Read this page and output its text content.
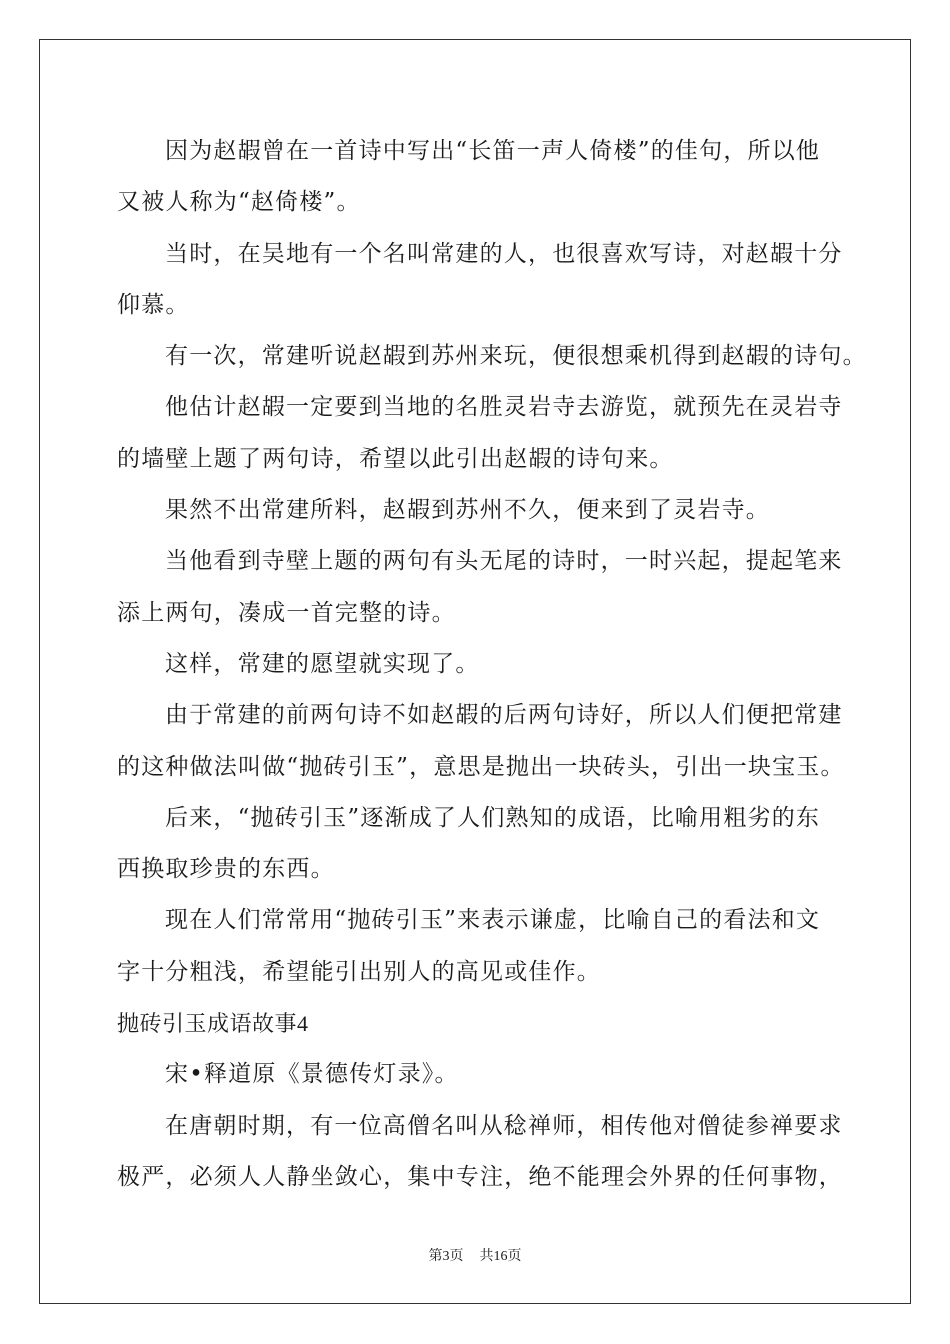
因为赵嘏曾在一首诗中写出“长笛一声人倚楼”的佳句，所以他
又被人称为“赵倚楼”。
当时，在吴地有一个名叫常建的人，也很喜欢写诗，对赵嘏十分
仰慕。
有一次，常建听说赵嘏到苏州来玩，便很想乘机得到赵嘏的诗句。
他估计赵嘏一定要到当地的名胜灵岩寺去游览，就预先在灵岩寺
的墙壁上题了两句诗，希望以此引出赵嘏的诗句来。
果然不出常建所料，赵嘏到苏州不久，便来到了灵岩寺。
当他看到寺壁上题的两句有头无尾的诗时，一时兴起，提起笔来
添上两句，凑成一首完整的诗。
这样，常建的愿望就实现了。
由于常建的前两句诗不如赵嘏的后两句诗好，所以人们便把常建
的这种做法叫做“抛砖引玉”，意思是抛出一块砖头，引出一块宝玉。
后来，“抛砖引玉”逐渐成了人们熟知的成语，比喻用粗劣的东
西换取珍贵的东西。
现在人们常常用“抛砖引玉”来表示谦虚，比喻自己的看法和文
字十分粗浅，希望能引出别人的高见或佳作。
抛砖引玉成语故事4
宋•释道原《景德传灯录》。
在唐朝时期，有一位高僧名叫从稔禅师，相传他对僧徒参禅要求
极严，必须人人静坐敛心，集中专注，绝不能理会外界的任何事物，
第3页 共16页
